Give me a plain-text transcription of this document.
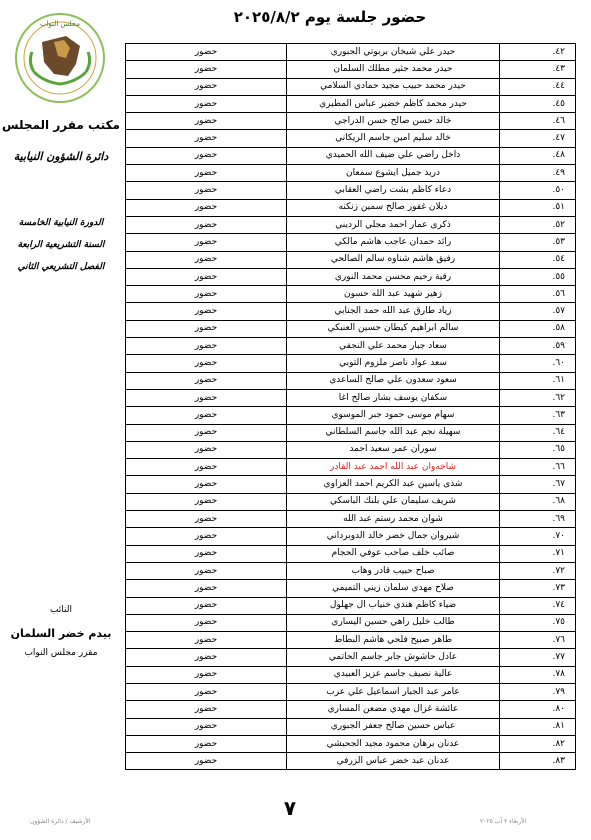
حضور جلسة يوم ٢٠٢٥/٨/٢
مجلس النواب
مكتب مقرر المجلس
دائرة الشؤون النيابية
الدورة النيابية الخامسة
السنة التشريعية الرابعة
الفصل التشريعي الثاني
النائب
بيدم خضر السلمان
مقرر مجلس النواب
حضور	حيدر علي شيخان بربوتي الجبوري	٤٢.
حضور	حيدر محمد جثير مطلك السلمان	٤٣.
حضور	حيدر محمد حبيب مجيد حمادي السلامي	٤٤.
حضور	حيدر محمد كاظم خضير عباس المطيري	٤٥.
حضور	خالد حسن صالح حسن الدراجي	٤٦.
حضور	خالد سليم امين جاسم الريكاني	٤٧.
حضور	داخل راضي علي ضيف الله الحميدي	٤٨.
حضور	دريد جميل ايشوع سمعان	٤٩.
حضور	دعاء كاظم بشت راضي العقابي	٥٠.
حضور	ديلان غفور صالح سمين زنكنه	٥١.
حضور	ذكرى عمار احمد مجلي الرديني	٥٢.
حضور	رائد حمدان عاجب هاشم مالكي	٥٣.
حضور	رفيق هاشم شناوه سالم الصالحي	٥٤.
حضور	رقية رحيم محسن محمد النوري	٥٥.
حضور	زهير شهيد عبد الله حسون	٥٦.
حضور	زياد طارق عبد الله حمد الجنابي	٥٧.
حضور	سالم ابراهيم كيطان حسين العنبكي	٥٨.
حضور	سعاد جبار محمد علي النجفي	٥٩.
حضور	سعد عواد ناصر ملزوم التوبي	٦٠.
حضور	سعود سعدون علي صالح الساعدي	٦١.
حضور	سكفان يوسف بشار صالح اغا	٦٢.
حضور	سهام موسى حمود جبر الموسوي	٦٣.
حضور	سهيلة نجم عبد الله جاسم السلطاني	٦٤.
حضور	سوران عمر سعيد احمد	٦٥.
حضور	شاخه‌وان عبد الله احمد عبد القادر	٦٦.
حضور	شذى ياسين عبد الكريم احمد العزاوي	٦٧.
حضور	شريف سليمان علي بلنك الباسكي	٦٨.
حضور	شوان محمد رستم عبد الله	٦٩.
حضور	شيروان جمال خضر خالد الدوبرداني	٧٠.
حضور	صائب خلف صاحب عوفي الحجام	٧١.
حضور	صباح حبيب قادر وهاب	٧٢.
حضور	صلاح مهدي سلمان زيني التميمي	٧٣.
حضور	ضياء كاظم هندي خنياب ال جهلول	٧٤.
حضور	طالب خليل راهي حسين اليساري	٧٥.
حضور	طاهر صبيح فلحي هاشم البطاط	٧٦.
حضور	عادل حاشوش جابر جاسم الحاتمي	٧٧.
حضور	عالية نصيف جاسم عزيز العبيدي	٧٨.
حضور	عامر عبد الجبار اسماعيل علي عرب	٧٩.
حضور	عائشة غزال مهدي مضعن المساري	٨٠.
حضور	عباس حسين صالح جعفر الجبوري	٨١.
حضور	عدنان برهان محمود مجيد الجحيشي	٨٢.
حضور	عدنان عبد خضر عباس الزرفي	٨٣.
٧
الأرشيف / دائرة الشؤون	الأربعاء ٢ آب ٢٠٢٥
